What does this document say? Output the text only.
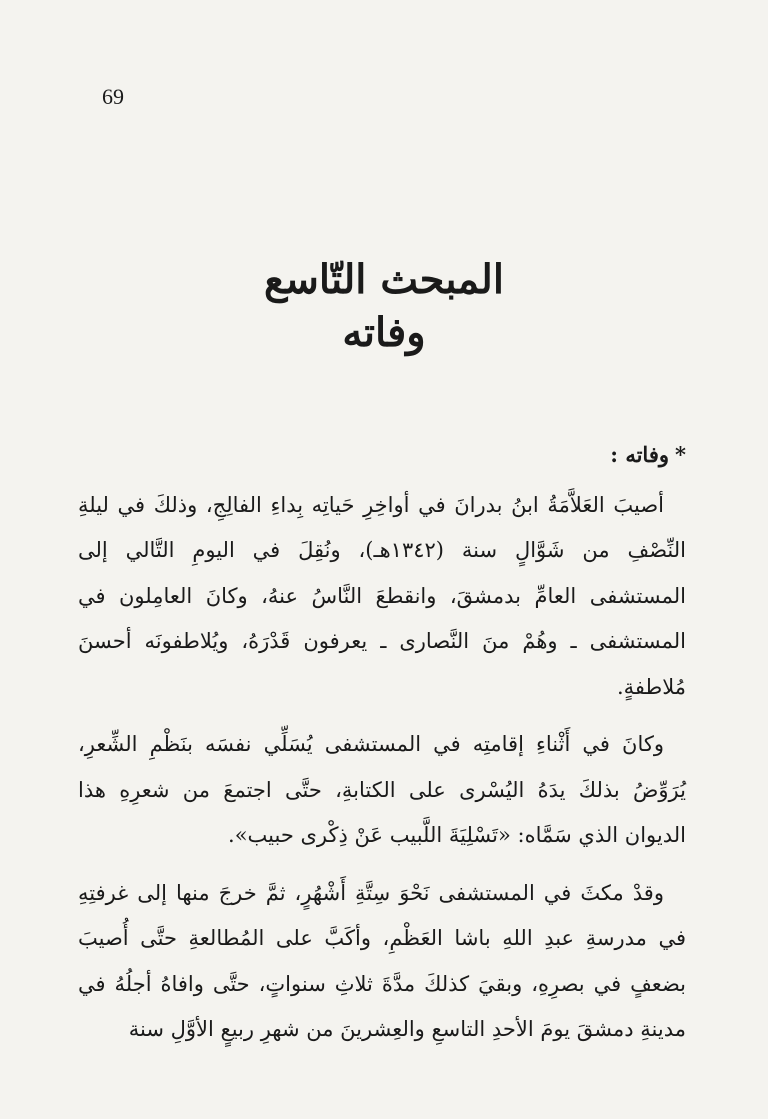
69
المبحث التّاسع
وفاته
*وفاته :

أصيبَ العَلاَّمَةُ ابنُ بدرانَ في أواخِرِ حَياتِه بِداءِ الفالِجِ، وذلكَ في ليلةِ النِّصْفِ من شَوَّالٍ سنة (١٣٤٢هـ)، ونُقِلَ في اليومِ التَّالي إلى المستشفى العامِّ بدمشقَ، وانقطعَ النَّاسُ عنهُ، وكانَ العامِلون في المستشفى ـ وهُمْ منَ النَّصارى ـ يعرفون قَدْرَهُ، ويُلاطفونَه أحسنَ مُلاطفةٍ.

وكانَ في أَثْناءِ إقامتِه في المستشفى يُسَلِّي نفسَه بنَظْمِ الشِّعرِ، يُرَوِّضُ بذلكَ يدَهُ اليُسْرى على الكتابةِ، حتَّى اجتمعَ من شعرِهِ هذا الديوان الذي سَمَّاه: «تَسْلِيَةَ اللَّبيب عَنْ ذِكْرى حبيب».

وقدْ مكثَ في المستشفى نَحْوَ سِتَّةِ أَشْهُرٍ، ثمَّ خرجَ منها إلى غرفتِهِ في مدرسةِ عبدِ اللهِ باشا العَظْمِ، وأكَبَّ على المُطالعةِ حتَّى أُصيبَ بضعفٍ في بصرِهِ، وبقيَ كذلكَ مدَّةَ ثلاثِ سنواتٍ، حتَّى وافاهُ أجلُهُ في مدينةِ دمشقَ يومَ الأحدِ التاسعِ والعِشرينَ من شهرِ ربيعٍ الأوَّلِ سنة
